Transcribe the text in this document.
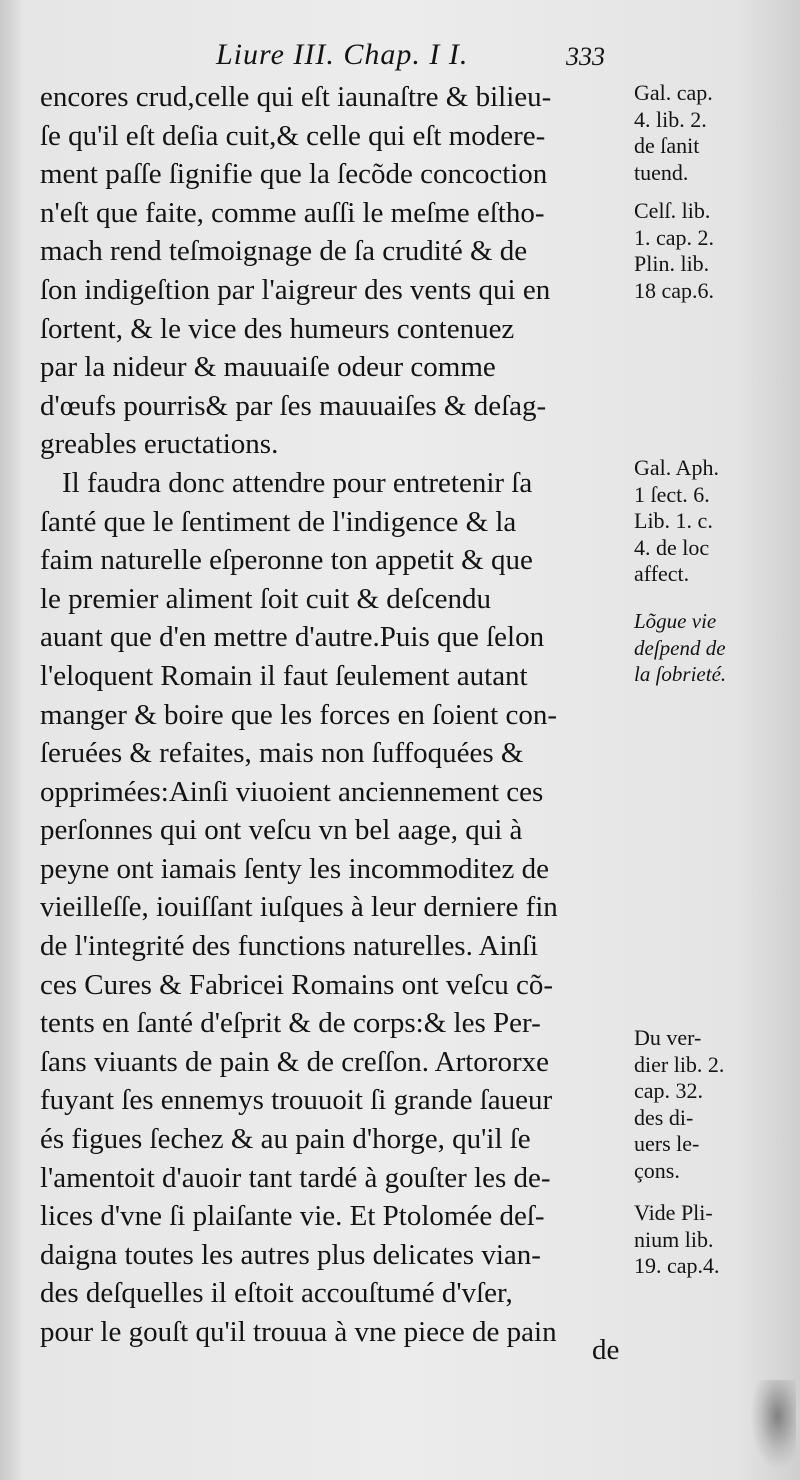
Liure III. Chap. I I.	333
encores crud,celle qui eſt iaunaſtre & bilieu-
ſe qu'il eſt deſia cuit,& celle qui eſt modere-
ment paſſe ſignifie que la ſecõde concoction
n'eſt que faite, comme auſſi le meſme eſtho-
mach rend teſmoignage de ſa crudité & de
ſon indigeſtion par l'aigreur des vents qui en
ſortent, & le vice des humeurs contenuez
par la nideur & mauuaiſe odeur comme
d'œufs pourris& par ſes mauuaiſes & deſag-
greables eructations.
Il faudra donc attendre pour entretenir ſa
ſanté que le ſentiment de l'indigence & la
faim naturelle eſperonne ton appetit & que
le premier aliment ſoit cuit & deſcendu
auant que d'en mettre d'autre.Puis que ſelon
l'eloquent Romain il faut ſeulement autant
manger & boire que les forces en ſoient con-
ſeruées & refaites, mais non ſuffoquées &
opprimées:Ainſi viuoient anciennement ces
perſonnes qui ont veſcu vn bel aage, qui à
peyne ont iamais ſenty les incommoditez de
vieilleſſe, iouiſſant iuſques à leur derniere fin
de l'integrité des functions naturelles. Ainſi
ces Cures & Fabricei Romains ont veſcu cõ-
tents en ſanté d'eſprit & de corps:& les Per-
ſans viuants de pain & de creſſon. Artororxe
fuyant ſes ennemys trouuoit ſi grande ſaueur
és figues ſechez & au pain d'horge, qu'il ſe
l'amentoit d'auoir tant tardé à gouſter les de-
lices d'vne ſi plaiſante vie. Et Ptolomée deſ-
daigna toutes les autres plus delicates vian-
des deſquelles il eſtoit accouſtumé d'vſer,
pour le gouſt qu'il trouua à vne piece de pain
de
Gal. cap.
4. lib. 2.
de ſanit
tuend.
Celſ. lib.
1. cap. 2.
Plin. lib.
18 cap.6.
Gal. Aph.
1 ſect. 6.
Lib. 1. c.
4. de loc
affect.
Lõgue vie
deſpend de
la ſobrieté.
Du ver-
dier lib. 2.
cap. 32.
des di-
uers le-
çons.
Vide Pli-
nium lib.
19. cap.4.
